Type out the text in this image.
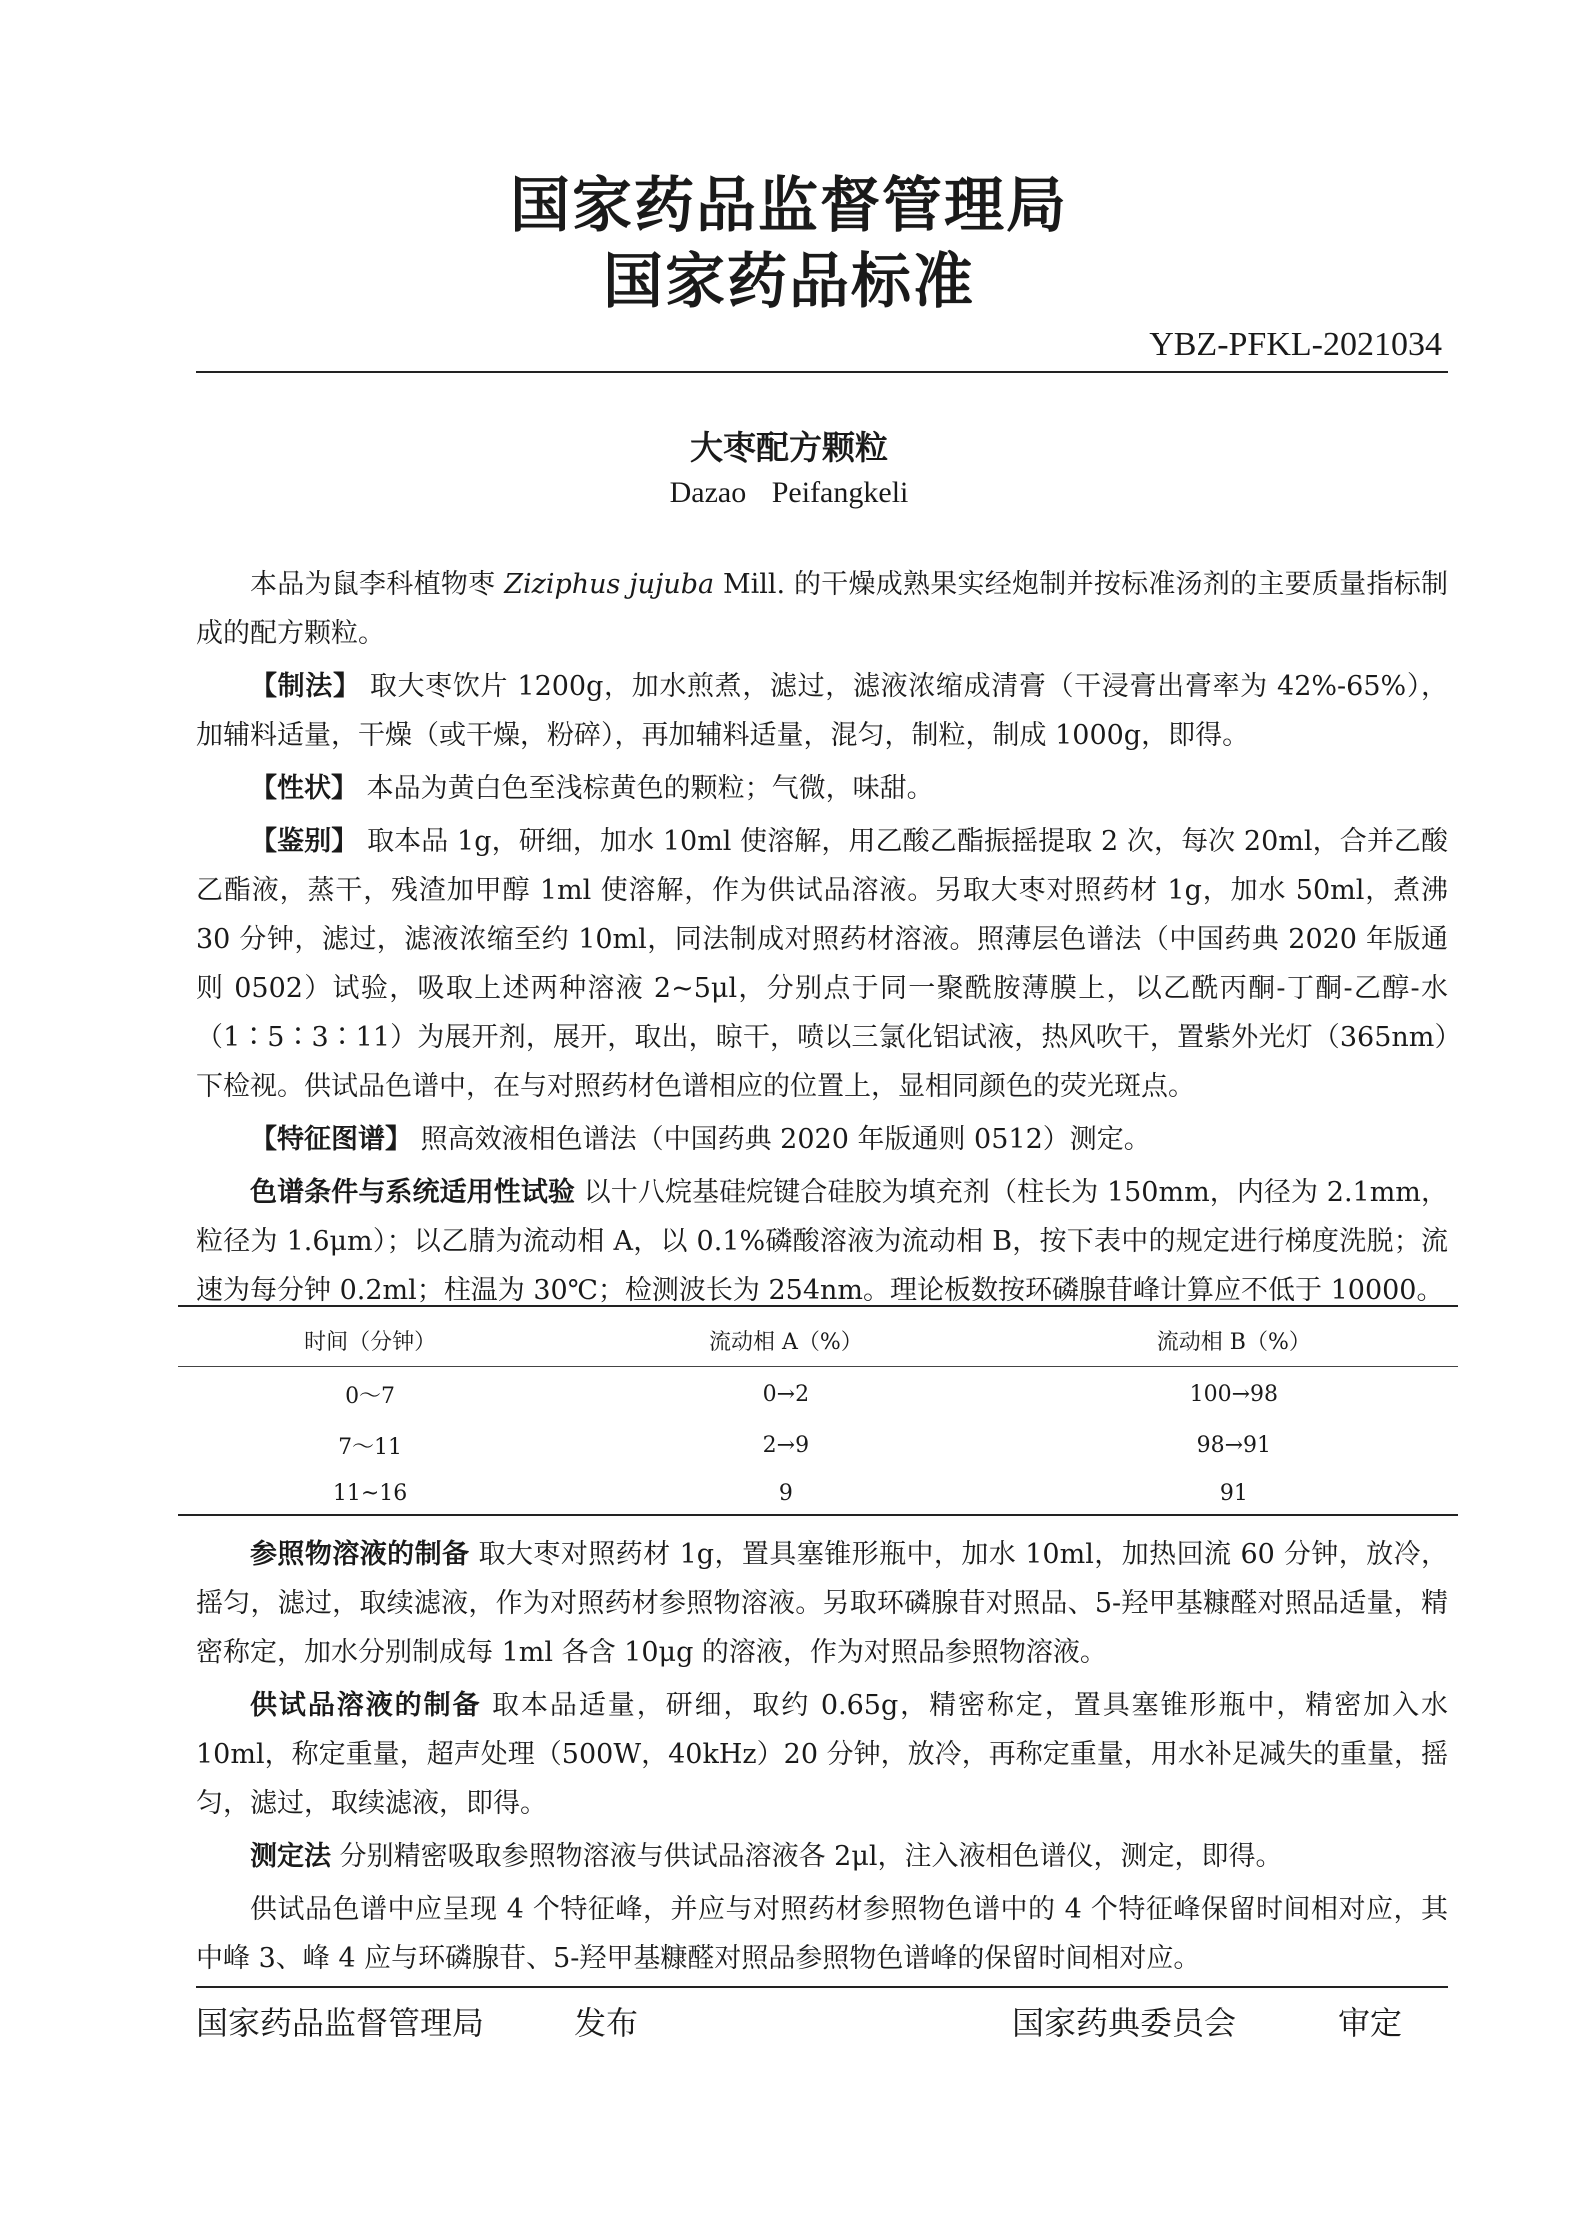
国家药品监督管理局
国家药品标准
YBZ-PFKL-2021034
大枣配方颗粒
Dazao Peifangkeli

本品为鼠李科植物枣 Ziziphus jujuba Mill. 的干燥成熟果实经炮制并按标准汤剂的主要质量指标制成的配方颗粒。

【制法】 取大枣饮片 1200g，加水煎煮，滤过，滤液浓缩成清膏（干浸膏出膏率为 42%-65%），加辅料适量，干燥（或干燥，粉碎），再加辅料适量，混匀，制粒，制成 1000g，即得。

【性状】 本品为黄白色至浅棕黄色的颗粒；气微，味甜。

【鉴别】 取本品 1g，研细，加水 10ml 使溶解，用乙酸乙酯振摇提取 2 次，每次 20ml，合并乙酸乙酯液，蒸干，残渣加甲醇 1ml 使溶解，作为供试品溶液。另取大枣对照药材 1g，加水 50ml，煮沸 30 分钟，滤过，滤液浓缩至约 10ml，同法制成对照药材溶液。照薄层色谱法（中国药典 2020 年版通则 0502）试验，吸取上述两种溶液 2~5μl，分别点于同一聚酰胺薄膜上，以乙酰丙酮-丁酮-乙醇-水（1∶5∶3∶11）为展开剂，展开，取出，晾干，喷以三氯化铝试液，热风吹干，置紫外光灯（365nm）下检视。供试品色谱中，在与对照药材色谱相应的位置上，显相同颜色的荧光斑点。

【特征图谱】 照高效液相色谱法（中国药典 2020 年版通则 0512）测定。

色谱条件与系统适用性试验 以十八烷基硅烷键合硅胶为填充剂（柱长为 150mm，内径为 2.1mm，粒径为 1.6μm）；以乙腈为流动相 A，以 0.1%磷酸溶液为流动相 B，按下表中的规定进行梯度洗脱；流速为每分钟 0.2ml；柱温为 30℃；检测波长为 254nm。理论板数按环磷腺苷峰计算应不低于 10000。

时间（分钟）	流动相 A（%）	流动相 B（%）
0～7	0→2	100→98
7～11	2→9	98→91
11~16	9	91

参照物溶液的制备 取大枣对照药材 1g，置具塞锥形瓶中，加水 10ml，加热回流 60 分钟，放冷，摇匀，滤过，取续滤液，作为对照药材参照物溶液。另取环磷腺苷对照品、5-羟甲基糠醛对照品适量，精密称定，加水分别制成每 1ml 各含 10μg 的溶液，作为对照品参照物溶液。

供试品溶液的制备 取本品适量，研细，取约 0.65g，精密称定，置具塞锥形瓶中，精密加入水 10ml，称定重量，超声处理（500W，40kHz）20 分钟，放冷，再称定重量，用水补足减失的重量，摇匀，滤过，取续滤液，即得。

测定法 分别精密吸取参照物溶液与供试品溶液各 2μl，注入液相色谱仪，测定，即得。

供试品色谱中应呈现 4 个特征峰，并应与对照药材参照物色谱中的 4 个特征峰保留时间相对应，其中峰 3、峰 4 应与环磷腺苷、5-羟甲基糠醛对照品参照物色谱峰的保留时间相对应。

国家药品监督管理局	发布	国家药典委员会	审定
